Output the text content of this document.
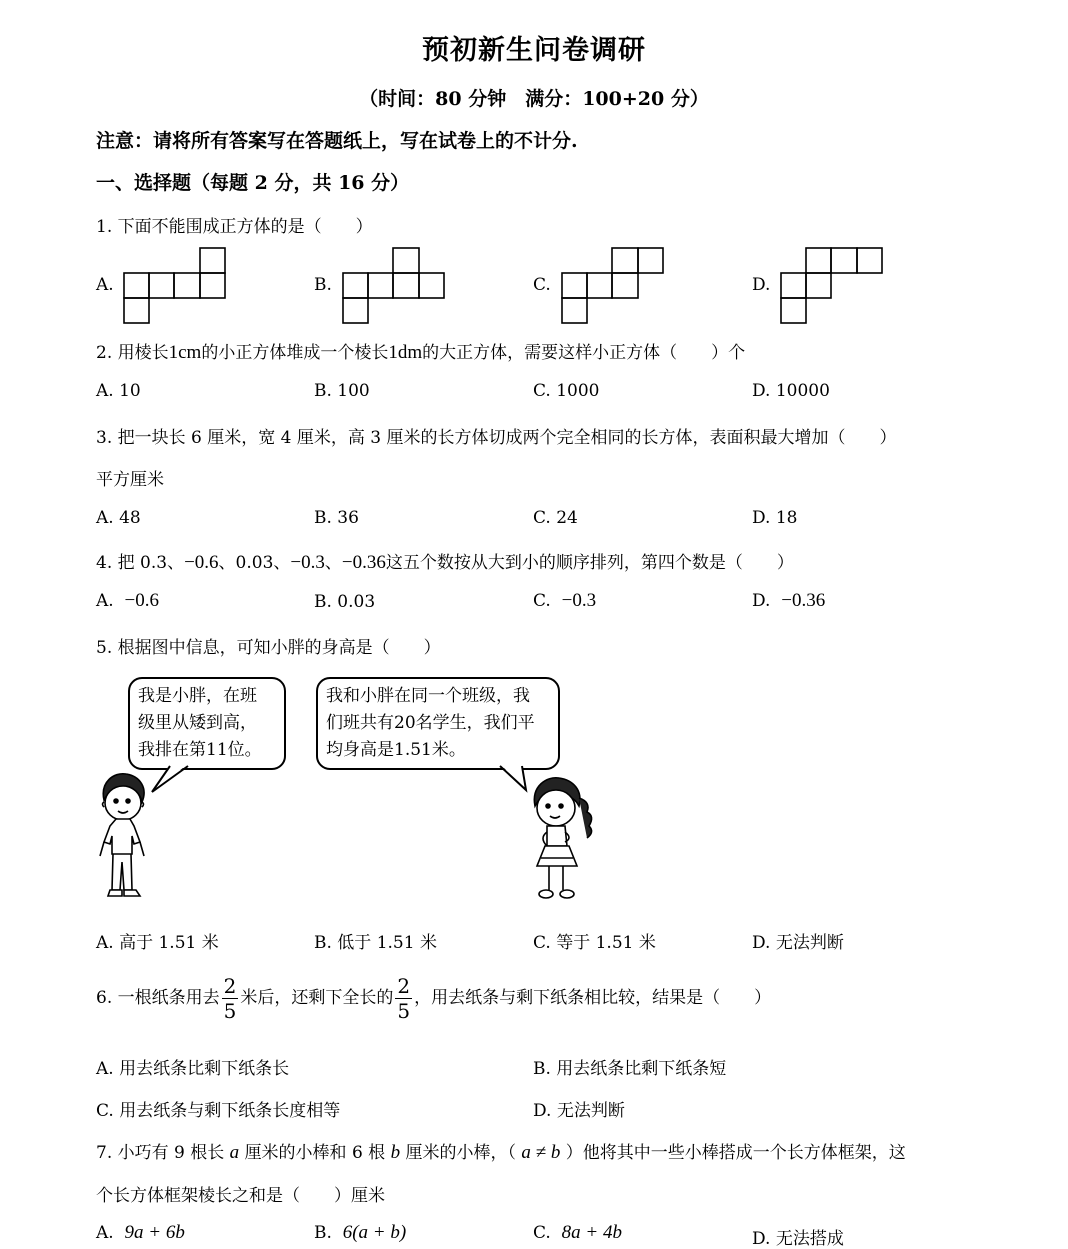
预初新生问卷调研
（时间：80 分钟　满分：100+20 分）
注意：请将所有答案写在答题纸上，写在试卷上的不计分.
一、选择题（每题 2 分，共 16 分）
1. 下面不能围成正方体的是（　　）
A.	B.	C.	D.
2. 用棱长1cm的小正方体堆成一个棱长1dm的大正方体，需要这样小正方体（　　）个
A. 10	B. 100	C. 1000	D. 10000
3. 把一块长 6 厘米，宽 4 厘米，高 3 厘米的长方体切成两个完全相同的长方体，表面积最大增加（　　）
平方厘米
A. 48	B. 36	C. 24	D. 18
4. 把 0.3、−0.6、0.03、−0.3、−0.36这五个数按从大到小的顺序排列，第四个数是（　　）
A. −0.6	B. 0.03	C. −0.3	D. −0.36
5. 根据图中信息，可知小胖的身高是（　　）
我是小胖，在班
级里从矮到高，
我排在第11位。
我和小胖在同一个班级，我
们班共有20名学生，我们平
均身高是1.51米。
A. 高于 1.51 米	B. 低于 1.51 米	C. 等于 1.51 米	D. 无法判断
6. 一根纸条用去 $\frac{2}{5}$ 米后，还剩下全长的 $\frac{2}{5}$ ，用去纸条与剩下纸条相比较，结果是（　　）
A. 用去纸条比剩下纸条长	B. 用去纸条比剩下纸条短
C. 用去纸条与剩下纸条长度相等	D. 无法判断
7. 小巧有 9 根长 a 厘米的小棒和 6 根 b 厘米的小棒，（ a ≠ b ）他将其中一些小棒搭成一个长方体框架，这
个长方体框架棱长之和是（　　）厘米
A. 9a + 6b	B. 6(a + b)	C. 8a + 4b	D. 无法搭成
